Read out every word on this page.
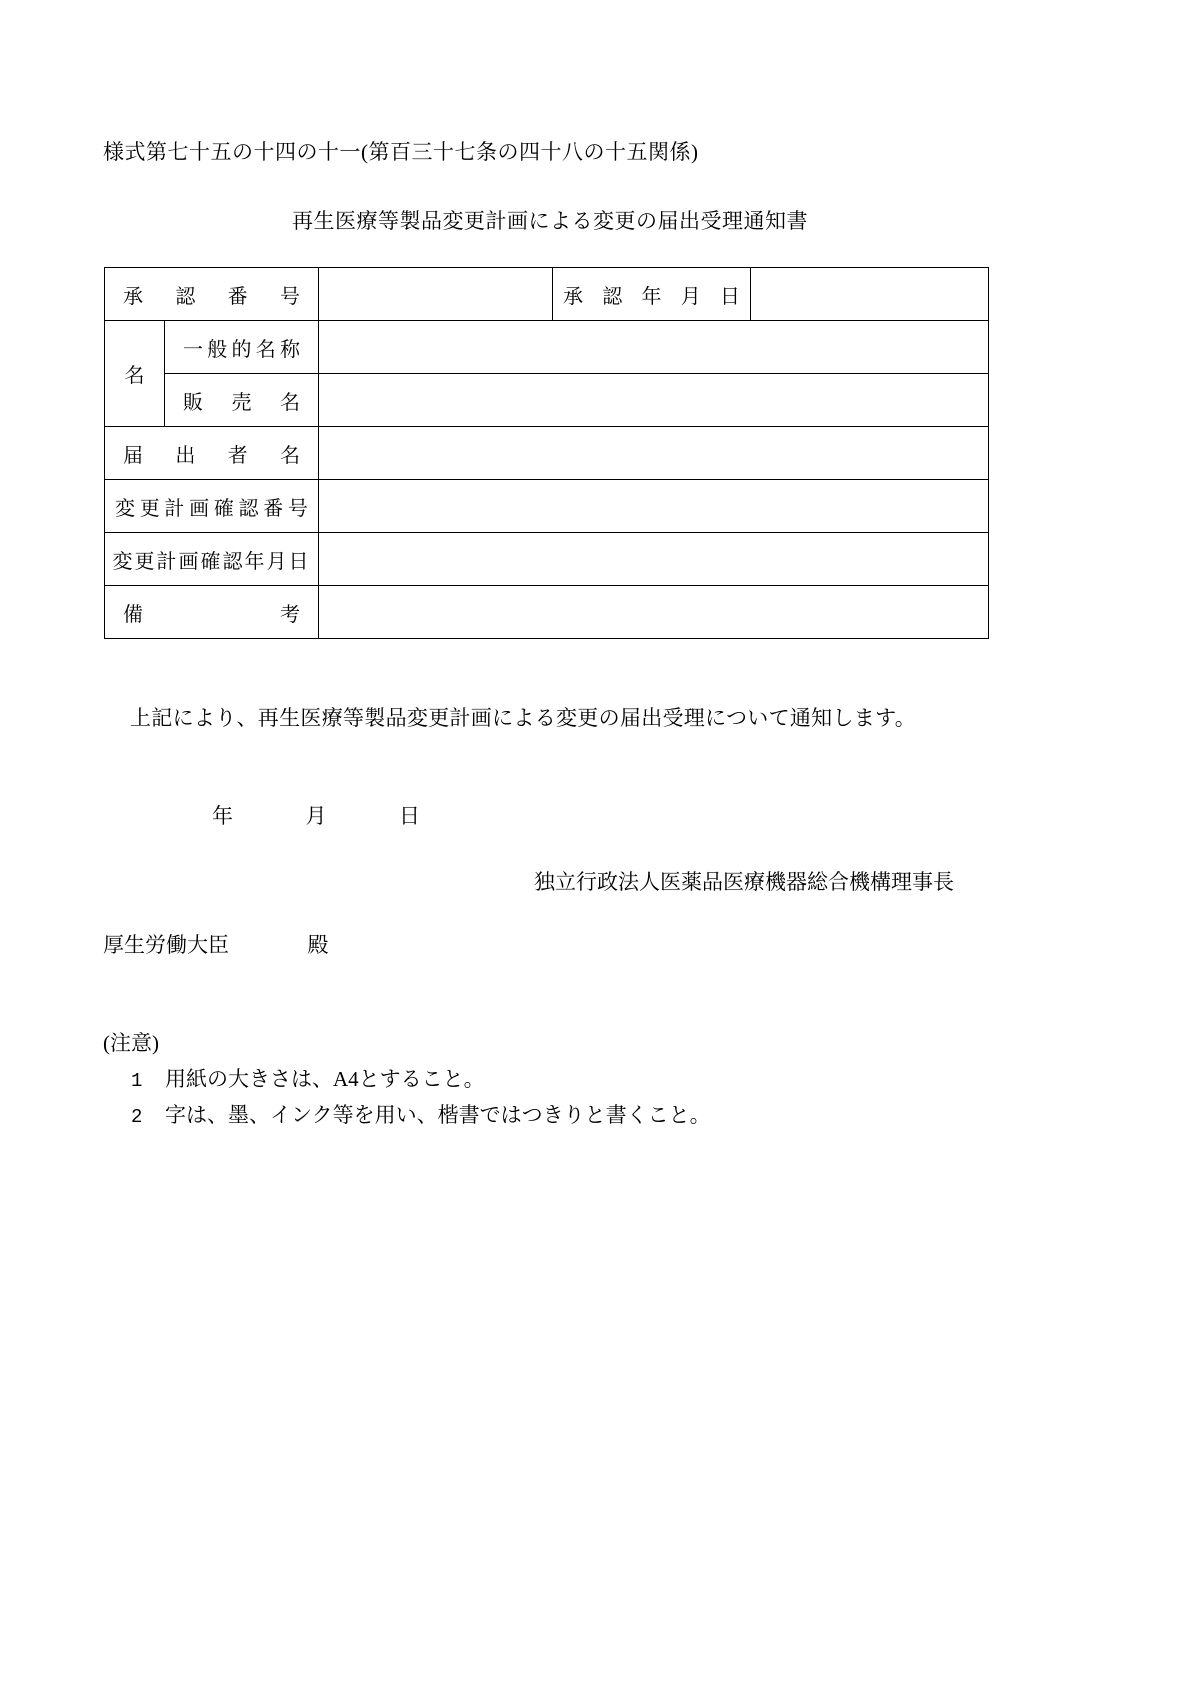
様式第七十五の十四の十一(第百三十七条の四十八の十五関係)
再生医療等製品変更計画による変更の届出受理通知書
承 認 番 号			承 認 年 月 日	

名	一 般 的 名 称			

	販 売 名			

届 出 者 名				

変 更 計 画 確 認 番 号

変更計画確認年月日				

備 考				

上記により、再生医療等製品変更計画による変更の届出受理について通知します。
年	月	日
独立行政法人医薬品医療機器総合機構理事長
厚生労働大臣	殿
(注意)
1 用紙の大きさは、A4とすること。
2 字は、墨、インク等を用い、楷書ではつきりと書くこと。
